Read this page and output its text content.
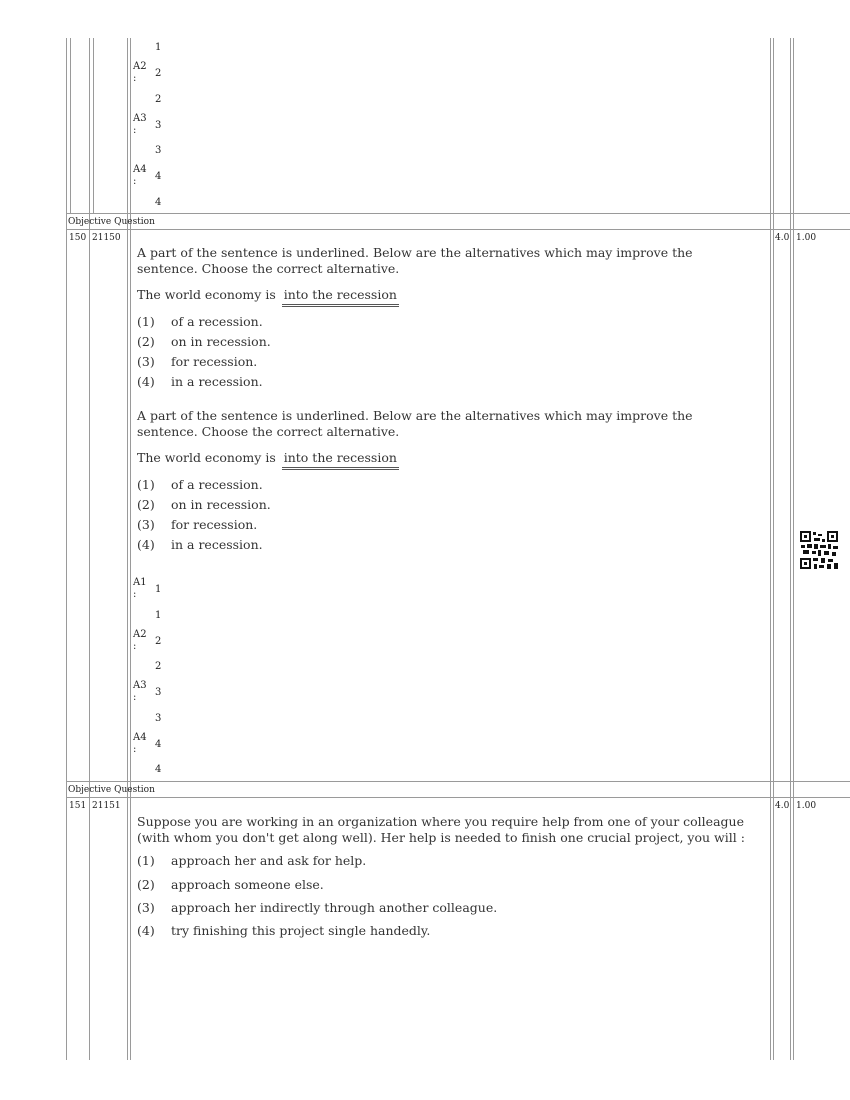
1
A2 :	2
2
A3 :	3
3
A4 :	4
4
Objective Question
150 21150	4.0 1.00
A part of the sentence is underlined. Below are the alternatives which may improve the sentence. Choose the correct alternative.
The world economy is into the recession
(1) of a recession.
(2) on in recession.
(3) for recession.
(4) in a recession.
A part of the sentence is underlined. Below are the alternatives which may improve the sentence. Choose the correct alternative.
The world economy is into the recession
(1) of a recession.
(2) on in recession.
(3) for recession.
(4) in a recession.
A1 :	1
1
A2 :	2
2
A3 :	3
3
A4 :	4
4
Objective Question
151 21151	4.0 1.00
Suppose you are working in an organization where you require help from one of your colleague (with whom you don't get along well). Her help is needed to finish one crucial project, you will :
(1) approach her and ask for help.
(2) approach someone else.
(3) approach her indirectly through another colleague.
(4) try finishing this project single handedly.
